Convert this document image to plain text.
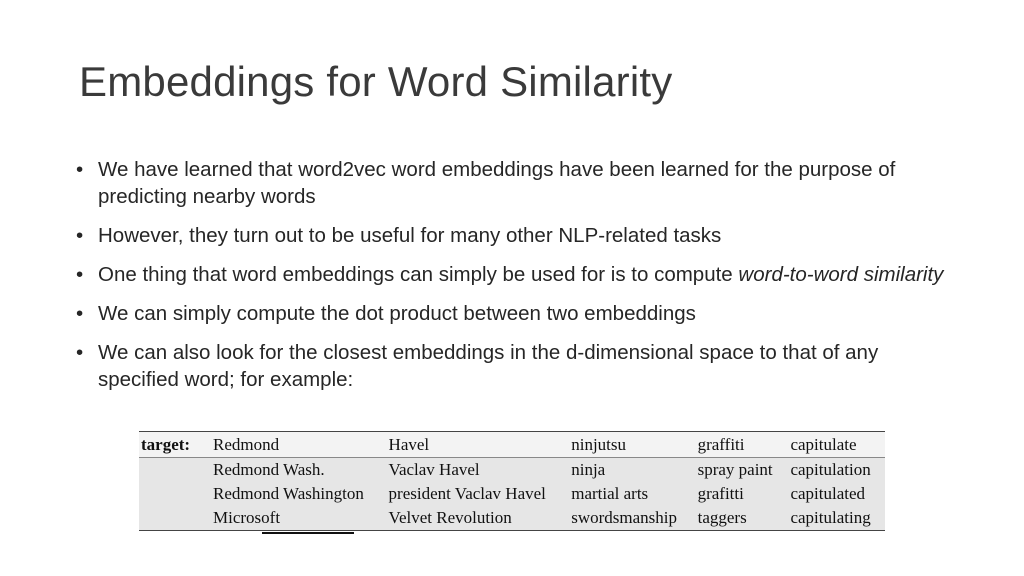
Embeddings for Word Similarity
• We have learned that word2vec word embeddings have been learned for the purpose of predicting nearby words
• However, they turn out to be useful for many other NLP-related tasks
• One thing that word embeddings can simply be used for is to compute word-to-word similarity
• We can simply compute the dot product between two embeddings
• We can also look for the closest embeddings in the d-dimensional space to that of any specified word; for example:
target:	Redmond	Havel	ninjutsu	graffiti	capitulate
	Redmond Wash.	Vaclav Havel	ninja	spray paint	capitulation
	Redmond Washington	president Vaclav Havel	martial arts	grafitti	capitulated
	Microsoft	Velvet Revolution	swordsmanship	taggers	capitulating
